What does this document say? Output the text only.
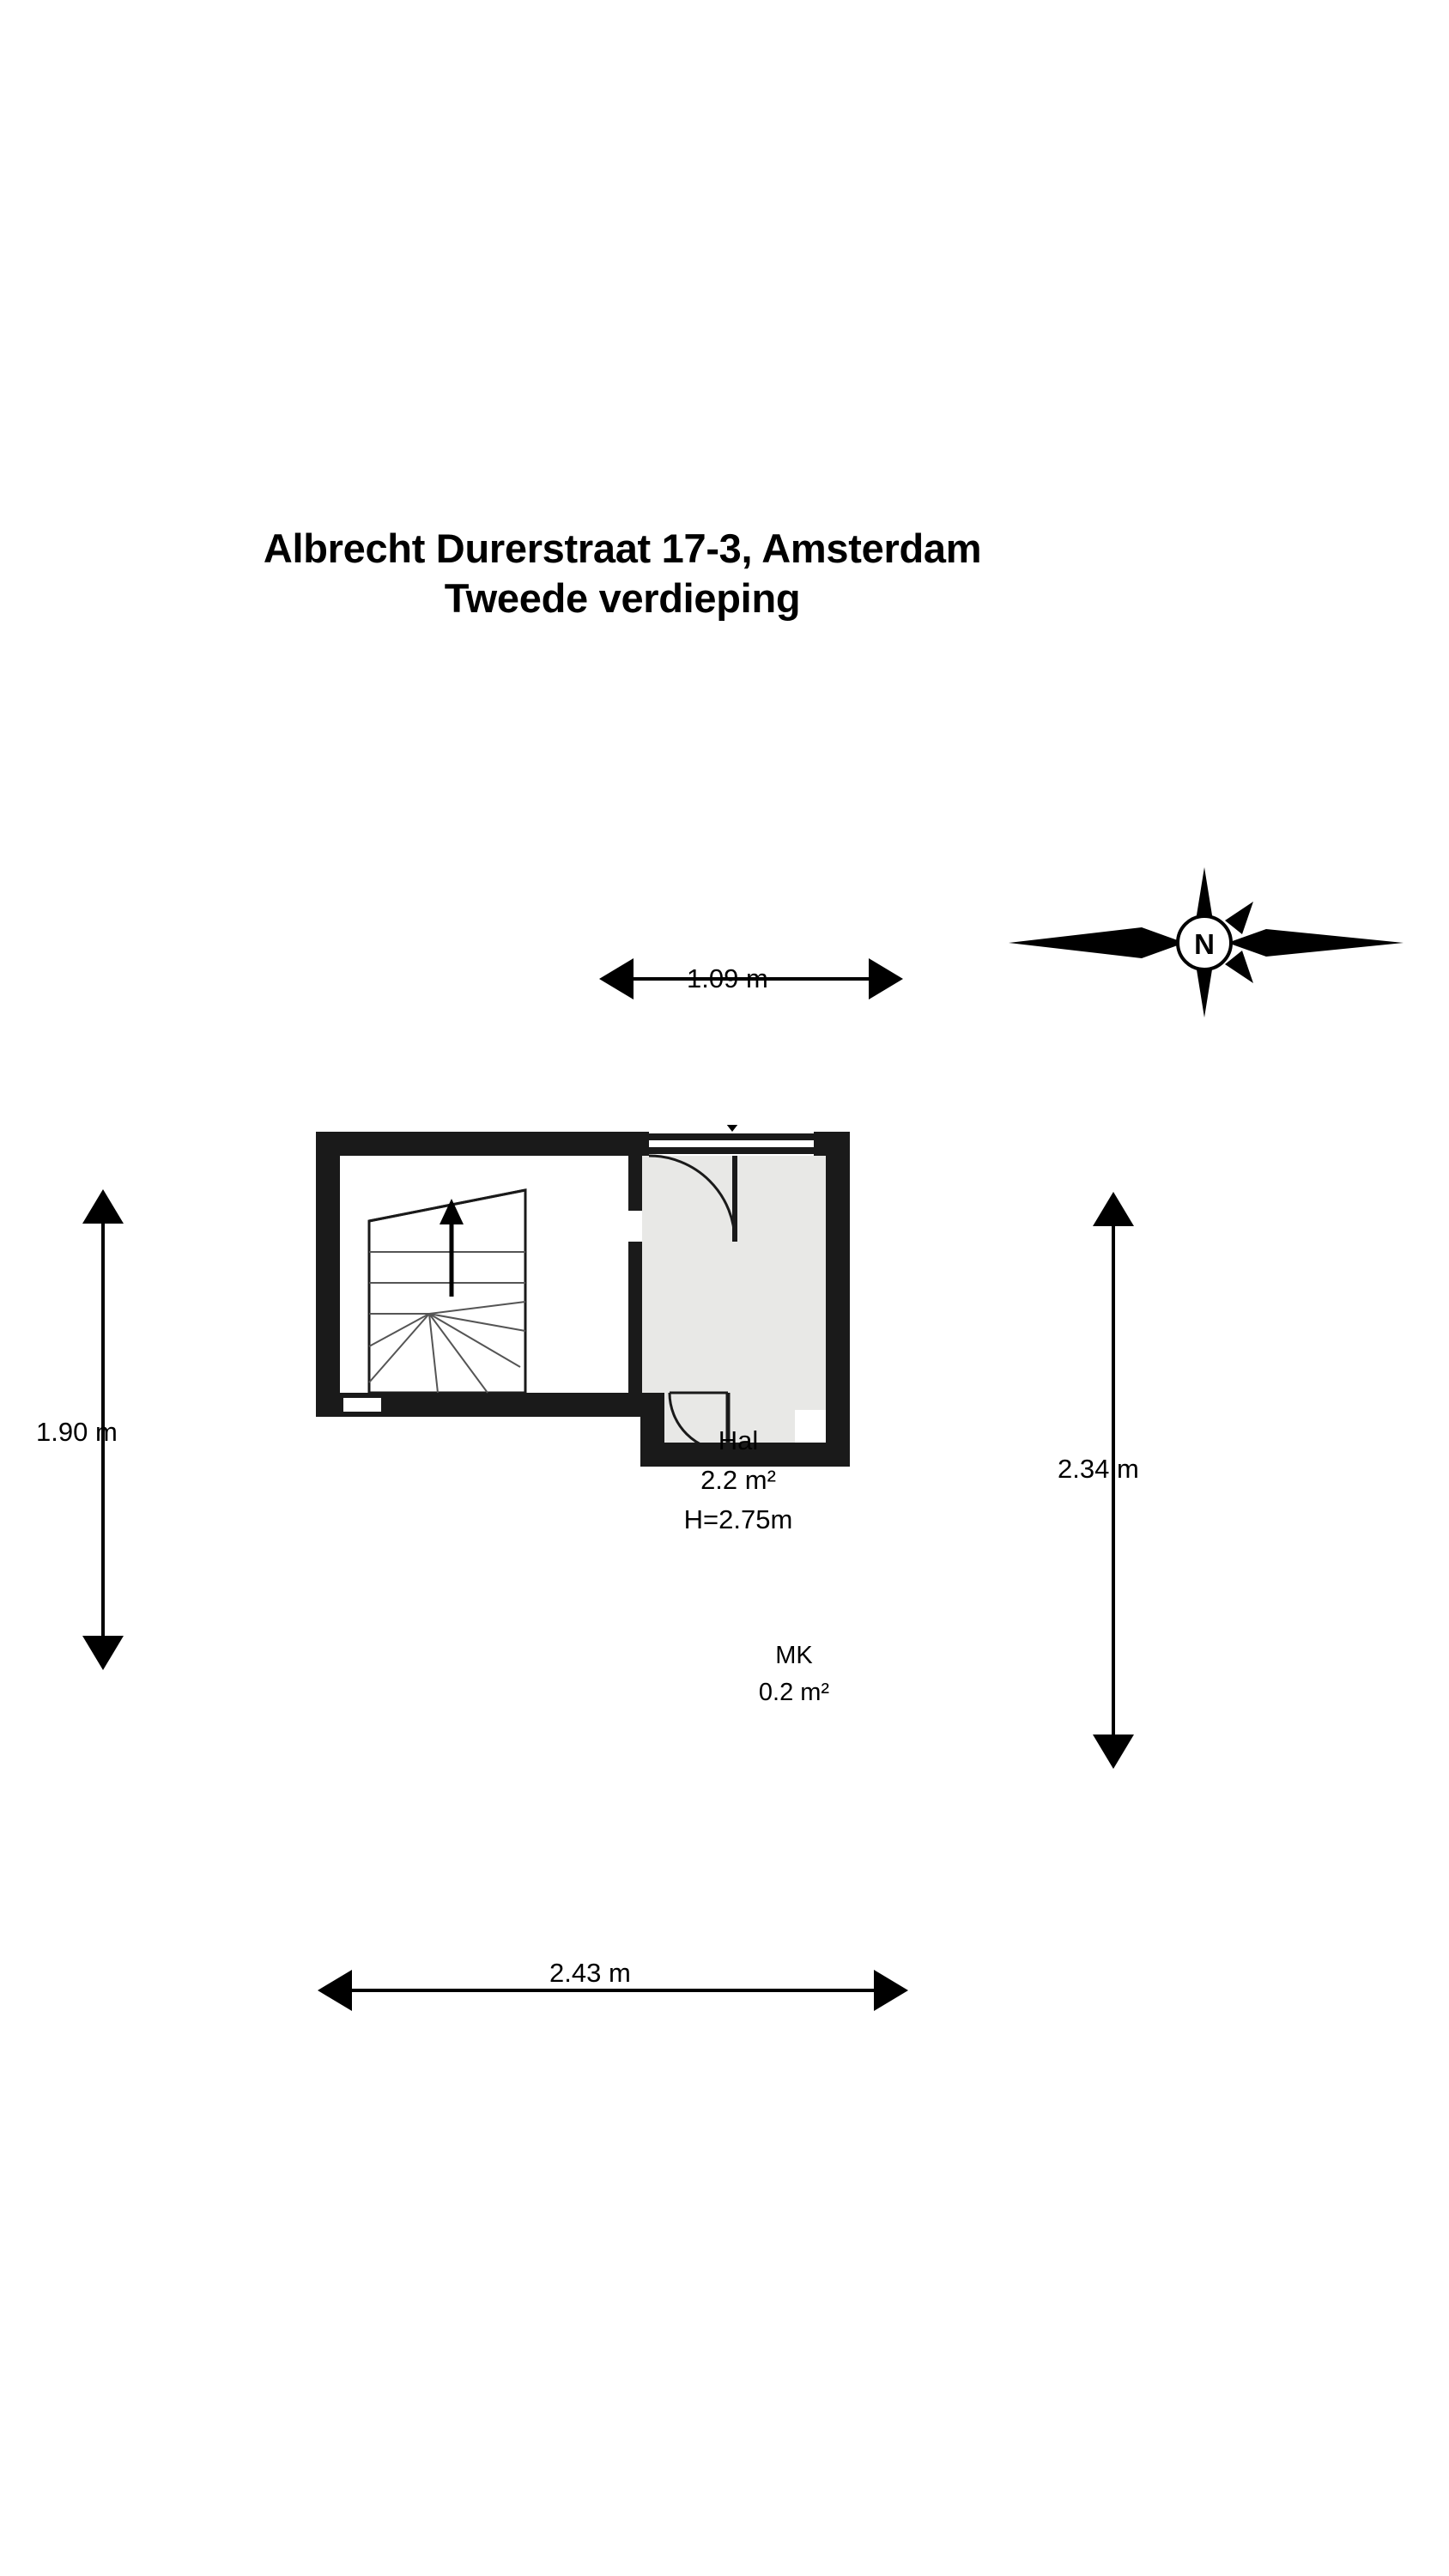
Albrecht Durerstraat 17-3, Amsterdam
Tweede verdieping
N
1.09 m
1.90 m
2.34 m
2.43 m
Hal
2.2 m²
H=2.75m
MK
0.2 m²
